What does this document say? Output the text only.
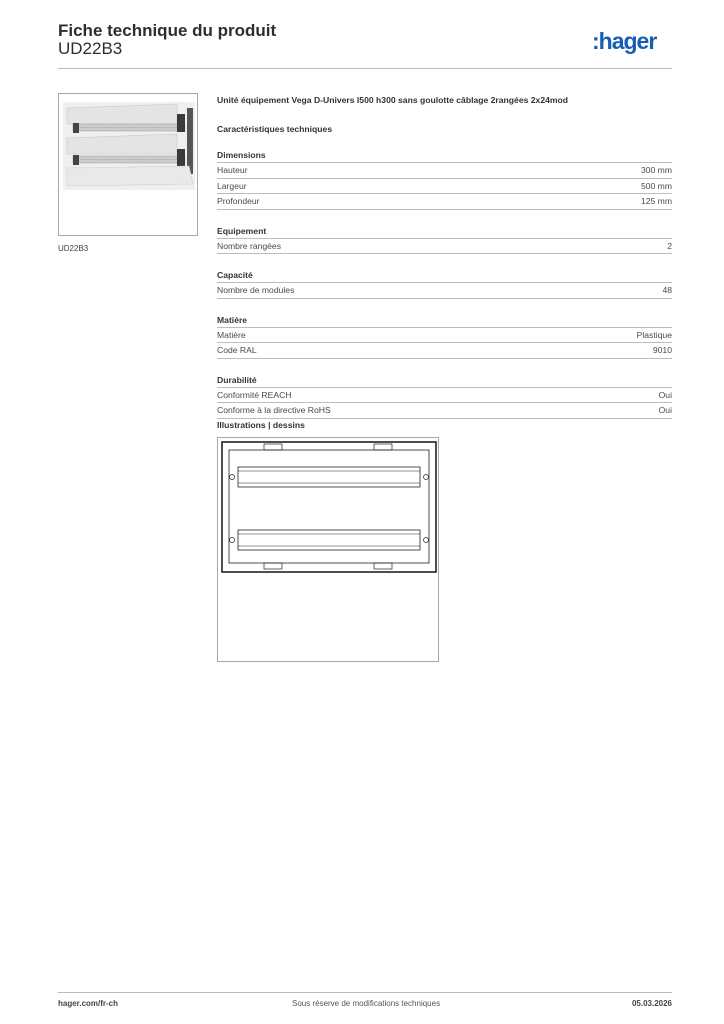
Fiche technique du produit
UD22B3	:hager
UD22B3
Unité équipement Vega D-Univers l500 h300 sans goulotte câblage 2rangées 2x24mod
Caractéristiques techniques
Dimensions
Hauteur	300 mm
Largeur	500 mm
Profondeur	125 mm
Equipement
Nombre rangées	2
Capacité
Nombre de modules	48
Matière
Matière	Plastique
Code RAL	9010
Durabilité
Conformité REACH	Oui
Conforme à la directive RoHS	Oui
Illustrations | dessins
hager.com/fr-ch	Sous réserve de modifications techniques	05.03.2026
